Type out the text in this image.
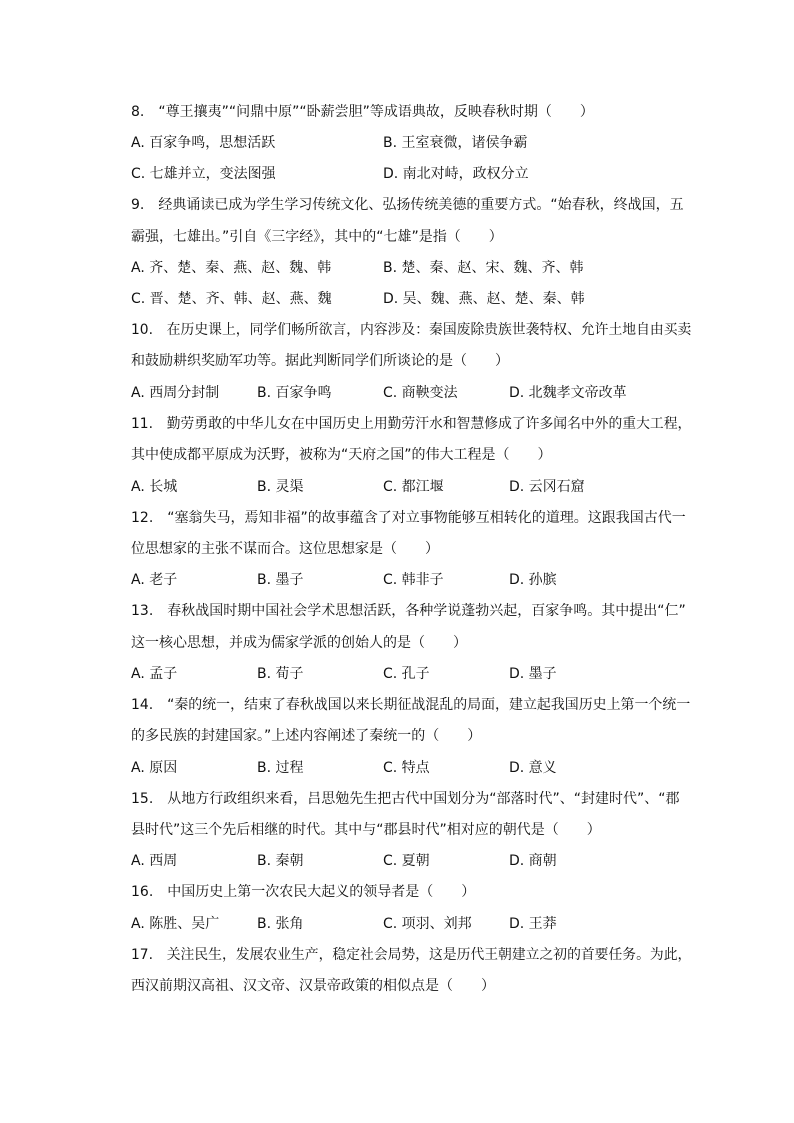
8.　“尊王攘夷”“问鼎中原”“卧薪尝胆”等成语典故，反映春秋时期（　　）
A. 百家争鸣，思想活跃	B. 王室衰微，诸侯争霸
C. 七雄并立，变法图强	D. 南北对峙，政权分立
9.　经典诵读已成为学生学习传统文化、弘扬传统美德的重要方式。“始春秋，终战国，五
霸强，七雄出。”引自《三字经》，其中的“七雄”是指（　　）
A. 齐、楚、秦、燕、赵、魏、韩	B. 楚、秦、赵、宋、魏、齐、韩
C. 晋、楚、齐、韩、赵、燕、魏	D. 吴、魏、燕、赵、楚、秦、韩
10.　在历史课上，同学们畅所欲言，内容涉及：秦国废除贵族世袭特权、允许土地自由买卖
和鼓励耕织奖励军功等。据此判断同学们所谈论的是（　　）
A. 西周分封制	B. 百家争鸣	C. 商鞅变法	D. 北魏孝文帝改革
11.　勤劳勇敢的中华儿女在中国历史上用勤劳汗水和智慧修成了许多闻名中外的重大工程，
其中使成都平原成为沃野，被称为“天府之国”的伟大工程是（　　）
A. 长城	B. 灵渠	C. 都江堰	D. 云冈石窟
12.　“塞翁失马，焉知非福”的故事蕴含了对立事物能够互相转化的道理。这跟我国古代一
位思想家的主张不谋而合。这位思想家是（　　）
A. 老子	B. 墨子	C. 韩非子	D. 孙膑
13.　春秋战国时期中国社会学术思想活跃，各种学说蓬勃兴起，百家争鸣。其中提出“仁”
这一核心思想，并成为儒家学派的创始人的是（　　）
A. 孟子	B. 荀子	C. 孔子	D. 墨子
14.　“秦的统一，结束了春秋战国以来长期征战混乱的局面，建立起我国历史上第一个统一
的多民族的封建国家。”上述内容阐述了秦统一的（　　）
A. 原因	B. 过程	C. 特点	D. 意义
15.　从地方行政组织来看，吕思勉先生把古代中国划分为“部落时代”、“封建时代”、“郡
县时代”这三个先后相继的时代。其中与“郡县时代”相对应的朝代是（　　）
A. 西周	B. 秦朝	C. 夏朝	D. 商朝
16.　中国历史上第一次农民大起义的领导者是（　　）
A. 陈胜、吴广	B. 张角	C. 项羽、刘邦	D. 王莽
17.　关注民生，发展农业生产，稳定社会局势，这是历代王朝建立之初的首要任务。为此，
西汉前期汉高祖、汉文帝、汉景帝政策的相似点是（　　）
